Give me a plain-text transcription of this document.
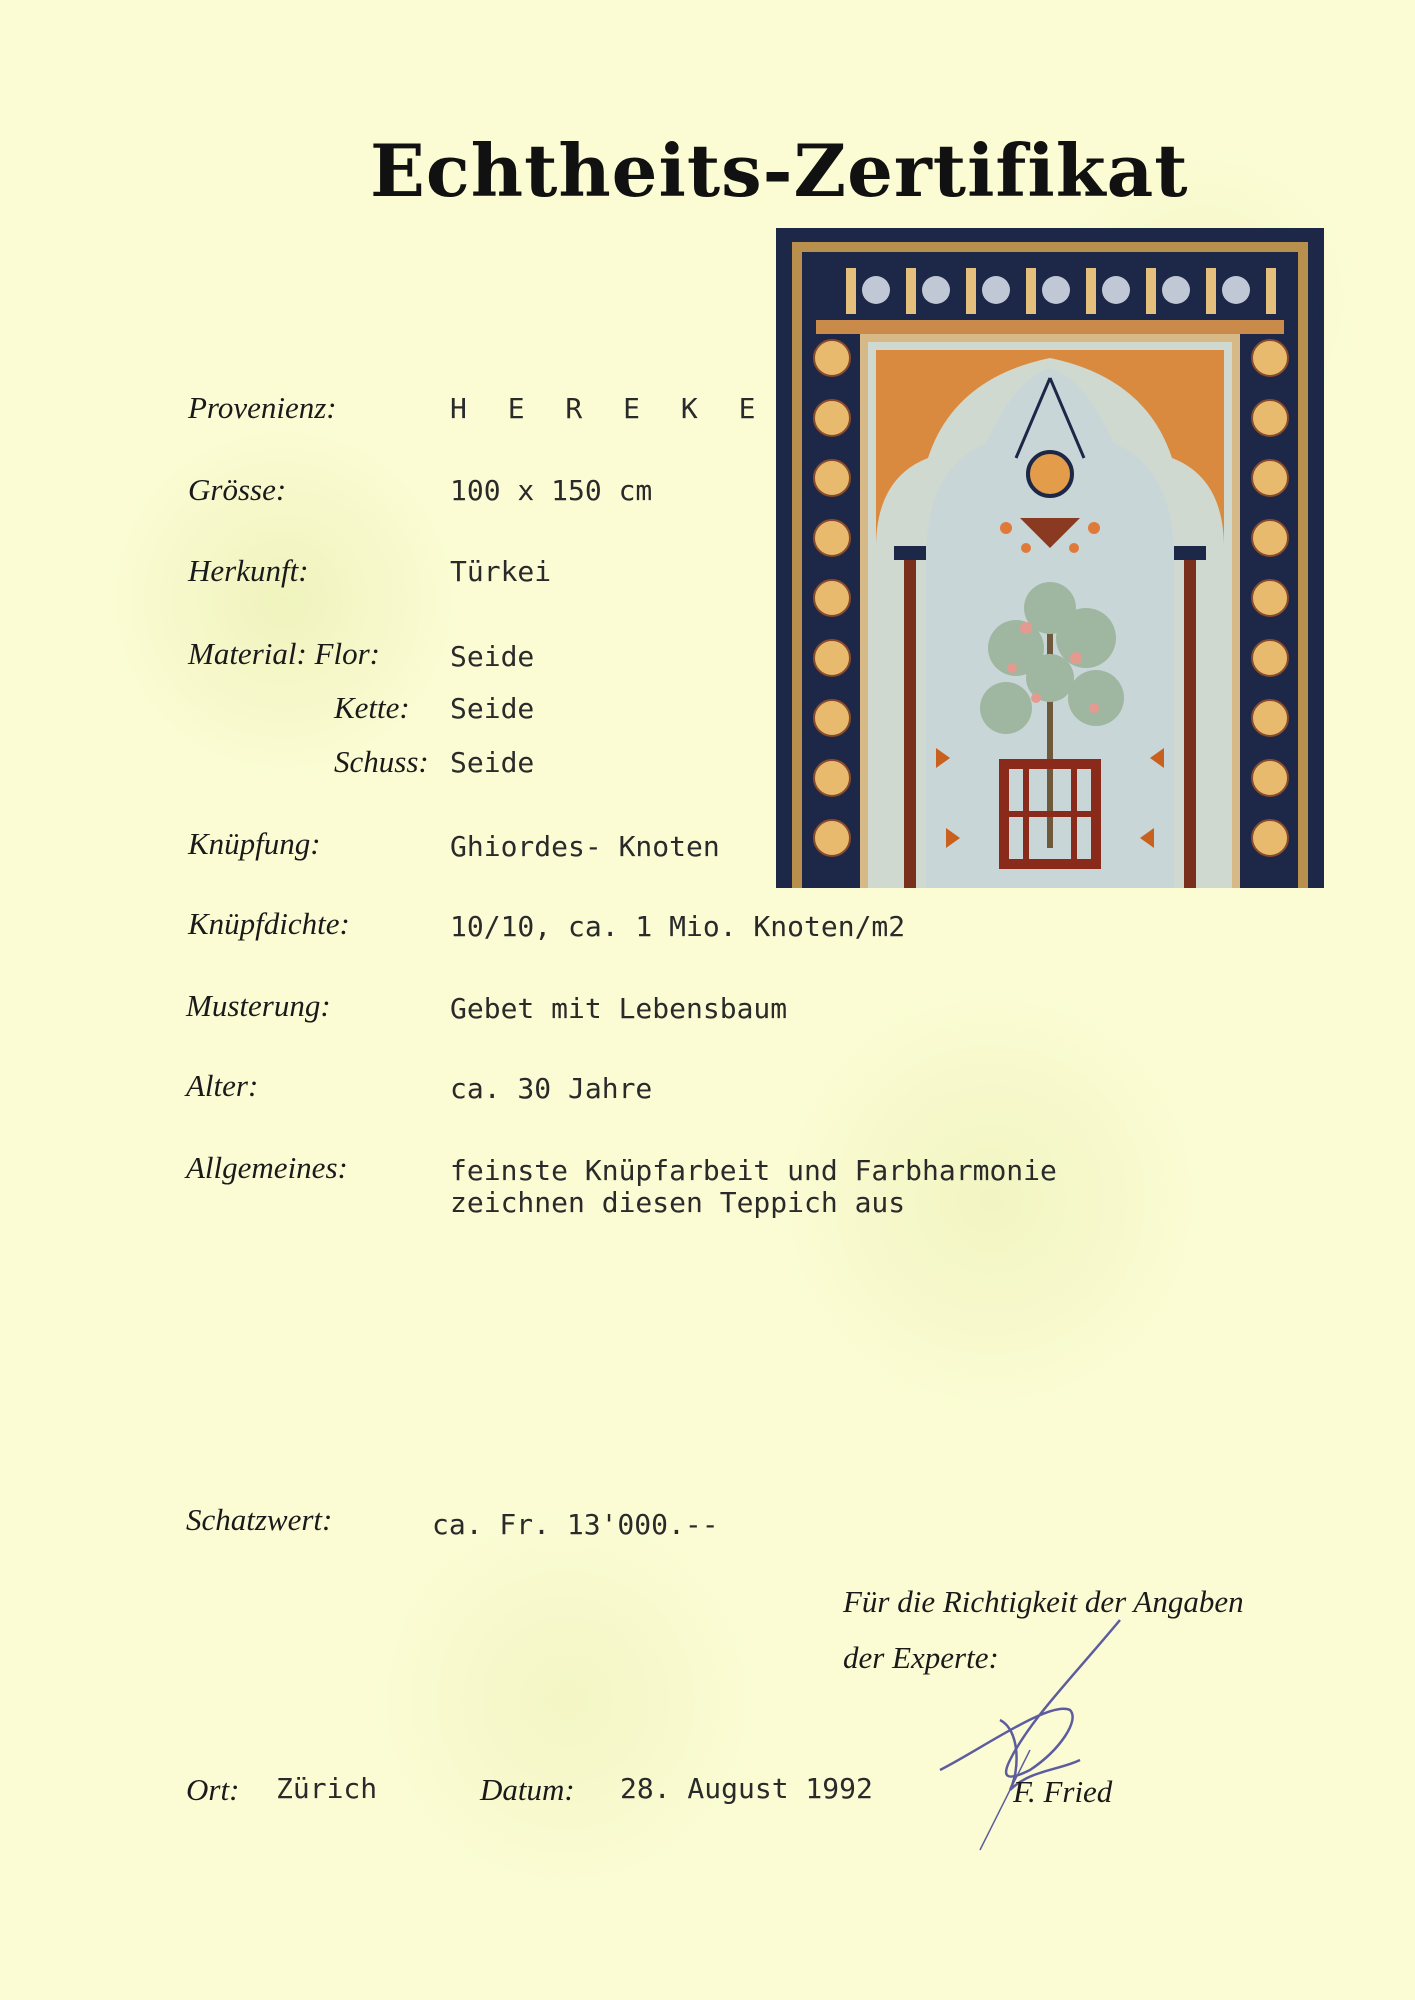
Echtheits-Zertifikat
Provenienz:	H E R E K E
Grösse:	100 x 150 cm
Herkunft:	Türkei
Material: Flor:	Seide
Kette: Seide
Schuss: Seide
Knüpfung:	Ghiordes- Knoten
Knüpfdichte:	10/10, ca. 1 Mio. Knoten/m2
Musterung:	Gebet mit Lebensbaum
Alter:	ca. 30 Jahre
Allgemeines:	feinste Knüpfarbeit und Farbharmonie
zeichnen diesen Teppich aus
Schatzwert:	ca. Fr. 13'000.--
Für die Richtigkeit der Angaben
der Experte:
Ort: Zürich	Datum: 28. August 1992	F. Fried
